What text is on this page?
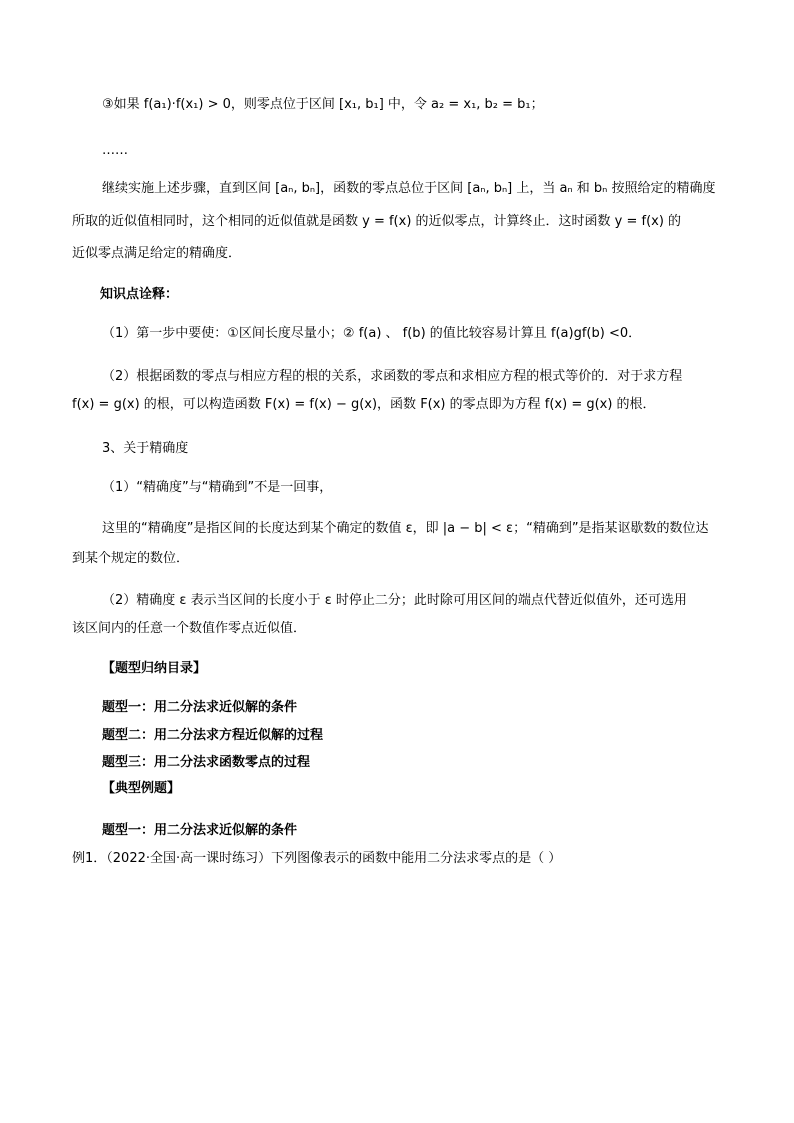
③如果 f(a₁)·f(x₁) > 0，则零点位于区间 [x₁, b₁] 中，令 a₂ = x₁, b₂ = b₁；
……
继续实施上述步骤，直到区间 [aₙ, bₙ]，函数的零点总位于区间 [aₙ, bₙ] 上，当 aₙ 和 bₙ 按照给定的精确度
所取的近似值相同时，这个相同的近似值就是函数 y = f(x) 的近似零点，计算终止．这时函数 y = f(x) 的
近似零点满足给定的精确度．
知识点诠释：
（1）第一步中要使：①区间长度尽量小；② f(a) 、 f(b) 的值比较容易计算且 f(a)gf(b) <0．
（2）根据函数的零点与相应方程的根的关系，求函数的零点和求相应方程的根式等价的．对于求方程
f(x) = g(x) 的根，可以构造函数 F(x) = f(x) − g(x)，函数 F(x) 的零点即为方程 f(x) = g(x) 的根．
3、关于精确度
（1）“精确度”与“精确到”不是一回事，
这里的“精确度”是指区间的长度达到某个确定的数值 ε，即 |a − b| < ε；“精确到”是指某讴歇数的数位达
到某个规定的数位．
（2）精确度 ε 表示当区间的长度小于 ε 时停止二分；此时除可用区间的端点代替近似值外，还可选用
该区间内的任意一个数值作零点近似值．
【题型归纳目录】
题型一：用二分法求近似解的条件
题型二：用二分法求方程近似解的过程
题型三：用二分法求函数零点的过程
【典型例题】
题型一：用二分法求近似解的条件
例1．（2022·全国·高一课时练习）下列图像表示的函数中能用二分法求零点的是（ ）
